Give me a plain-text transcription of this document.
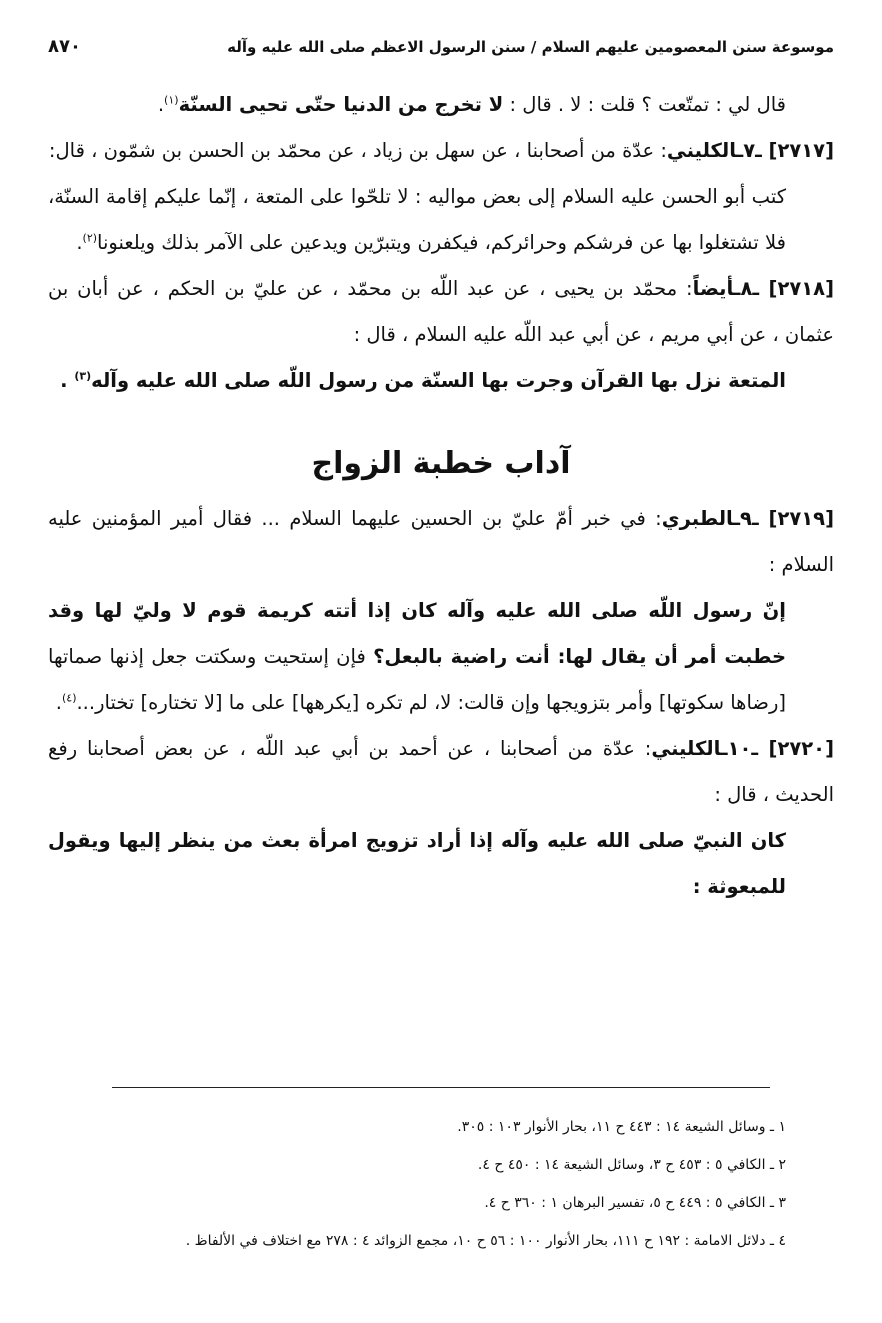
موسوعة سنن المعصومين عليهم السلام / سنن الرسول الاعظم صلى الله عليه وآله
٨٧٠

قال لي : تمتّعت ؟ قلت : لا . قال : لا تخرج من الدنيا حتّى تحيى السنّة$^{(١)}$.

[٢٧١٧] ـ٧ـالكليني: عدّة من أصحابنا ، عن سهل بن زياد ، عن محمّد بن الحسن بن شمّون ، قال:

كتب أبو الحسن عليه السلام إلى بعض مواليه : لا تلحّوا على المتعة ، إنّما عليكم إقامة السنّة، فلا تشتغلوا بها عن فرشكم وحرائركم، فيكفرن ويتبرّين ويدعين على الآمر بذلك ويلعنونا$^{(٢)}$.

[٢٧١٨] ـ٨ـأيضاً: محمّد بن يحيى ، عن عبد اللّه بن محمّد ، عن عليّ بن الحكم ، عن أبان بن عثمان ، عن أبي مريم ، عن أبي عبد اللّه عليه السلام ، قال :

المتعة نزل بها القرآن وجرت بها السنّة من رسول اللّه صلى الله عليه وآله$^{(٣)}$ .

آداب خطبة الزواج

[٢٧١٩] ـ٩ـالطبري: في خبر أمّ عليّ بن الحسين عليهما السلام ... فقال أمير المؤمنين عليه السلام :

إنّ رسول اللّه صلى الله عليه وآله كان إذا أتته كريمة قوم لا وليّ لها وقد خطبت أمر أن يقال لها: أنت راضية بالبعل؟ فإن إستحيت وسكتت جعل إذنها صماتها [رضاها سكوتها] وأمر بتزويجها وإن قالت: لا، لم تكره [يكرهها] على ما [لا تختاره] تختار...$^{(٤)}$.

[٢٧٢٠] ـ١٠ـالكليني: عدّة من أصحابنا ، عن أحمد بن أبي عبد اللّه ، عن بعض أصحابنا رفع الحديث ، قال :

كان النبيّ صلى الله عليه وآله إذا أراد تزويج امرأة بعث من ينظر إليها ويقول للمبعوثة :

١ ـ وسائل الشيعة ١٤ : ٤٤٣ ح ١١، بحار الأنوار ١٠٣ : ٣٠٥.

٢ ـ الكافي ٥ : ٤٥٣ ح ٣، وسائل الشيعة ١٤ : ٤٥٠ ح ٤.

٣ ـ الكافي ٥ : ٤٤٩ ح ٥، تفسير البرهان ١ : ٣٦٠ ح ٤.

٤ ـ دلائل الامامة : ١٩٢ ح ١١١، بحار الأنوار ١٠٠ : ٥٦ ح ١٠، مجمع الزوائد ٤ : ٢٧٨ مع اختلاف في الألفاظ .
